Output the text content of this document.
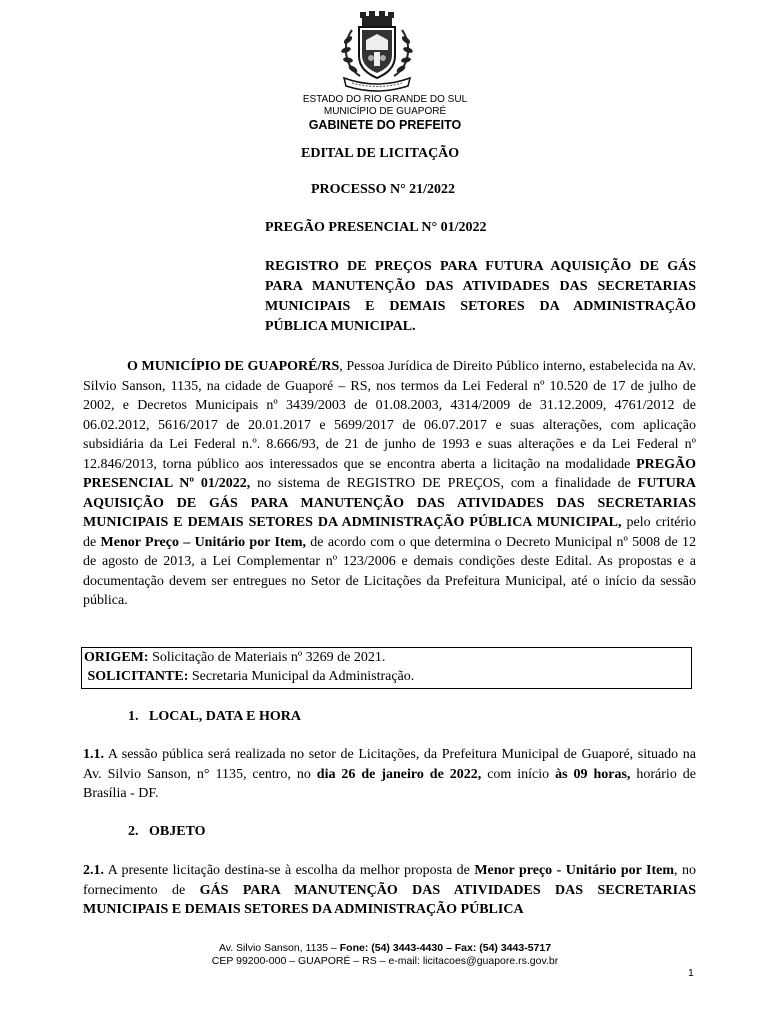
ESTADO DO RIO GRANDE DO SUL
MUNICÍPIO DE GUAPORÉ
GABINETE DO PREFEITO
EDITAL DE LICITAÇÃO
PROCESSO N° 21/2022
PREGÃO PRESENCIAL N° 01/2022
REGISTRO DE PREÇOS PARA FUTURA AQUISIÇÃO DE GÁS PARA MANUTENÇÃO DAS ATIVIDADES DAS SECRETARIAS MUNICIPAIS E DEMAIS SETORES DA ADMINISTRAÇÃO PÚBLICA MUNICIPAL.
O MUNICÍPIO DE GUAPORÉ/RS, Pessoa Jurídica de Direito Público interno, estabelecida na Av. Silvio Sanson, 1135, na cidade de Guaporé – RS, nos termos da Lei Federal nº 10.520 de 17 de julho de 2002, e Decretos Municipais nº 3439/2003 de 01.08.2003, 4314/2009 de 31.12.2009, 4761/2012 de 06.02.2012, 5616/2017 de 20.01.2017 e 5699/2017 de 06.07.2017 e suas alterações, com aplicação subsidiária da Lei Federal n.º. 8.666/93, de 21 de junho de 1993 e suas alterações e da Lei Federal nº 12.846/2013, torna público aos interessados que se encontra aberta a licitação na modalidade PREGÃO PRESENCIAL Nº 01/2022, no sistema de REGISTRO DE PREÇOS, com a finalidade de FUTURA AQUISIÇÃO DE GÁS PARA MANUTENÇÃO DAS ATIVIDADES DAS SECRETARIAS MUNICIPAIS E DEMAIS SETORES DA ADMINISTRAÇÃO PÚBLICA MUNICIPAL, pelo critério de Menor Preço – Unitário por Item, de acordo com o que determina o Decreto Municipal nº 5008 de 12 de agosto de 2013, a Lei Complementar nº 123/2006 e demais condições deste Edital. As propostas e a documentação devem ser entregues no Setor de Licitações da Prefeitura Municipal, até o início da sessão pública.
ORIGEM: Solicitação de Materiais nº 3269 de 2021.
SOLICITANTE: Secretaria Municipal da Administração.
1.   LOCAL, DATA E HORA
1.1. A sessão pública será realizada no setor de Licitações, da Prefeitura Municipal de Guaporé, situado na Av. Silvio Sanson, n° 1135, centro, no dia 26 de janeiro de 2022, com início às 09 horas, horário de Brasília - DF.
2.   OBJETO
2.1. A presente licitação destina-se à escolha da melhor proposta de Menor preço - Unitário por Item, no fornecimento de GÁS PARA MANUTENÇÃO DAS ATIVIDADES DAS SECRETARIAS MUNICIPAIS E DEMAIS SETORES DA ADMINISTRAÇÃO PÚBLICA
Av. Silvio Sanson, 1135 – Fone: (54) 3443-4430 – Fax: (54) 3443-5717
CEP 99200-000 – GUAPORÉ – RS – e-mail: licitacoes@guapore.rs.gov.br
1
